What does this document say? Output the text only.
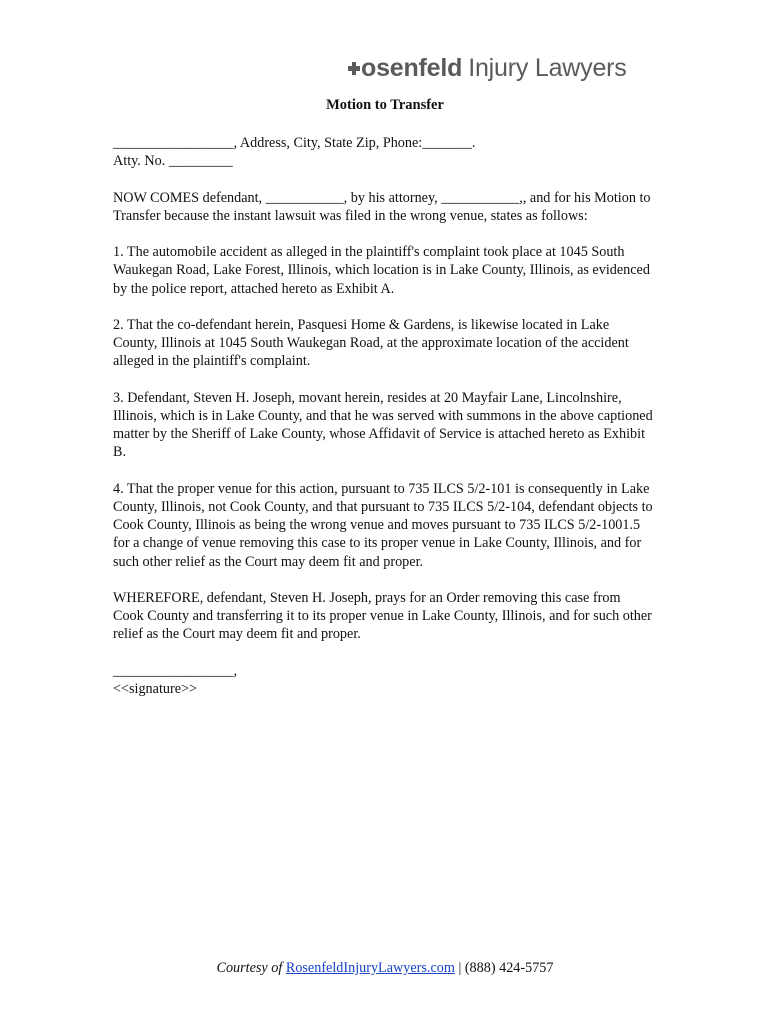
osenfeld Injury Lawyers
Motion to Transfer

_________________, Address, City, State Zip, Phone:_______.
Atty. No. _________

NOW COMES defendant, ___________, by his attorney, ___________,, and for his Motion to Transfer because the instant lawsuit was filed in the wrong venue, states as follows:

1. The automobile accident as alleged in the plaintiff's complaint took place at 1045 South Waukegan Road, Lake Forest, Illinois, which location is in Lake County, Illinois, as evidenced by the police report, attached hereto as Exhibit A.

2. That the co-defendant herein, Pasquesi Home & Gardens, is likewise located in Lake County, Illinois at 1045 South Waukegan Road, at the approximate location of the accident alleged in the plaintiff's complaint.

3. Defendant, Steven H. Joseph, movant herein, resides at 20 Mayfair Lane, Lincolnshire, Illinois, which is in Lake County, and that he was served with summons in the above captioned matter by the Sheriff of Lake County, whose Affidavit of Service is attached hereto as Exhibit B.

4. That the proper venue for this action, pursuant to 735 ILCS 5/2-101 is consequently in Lake County, Illinois, not Cook County, and that pursuant to 735 ILCS 5/2-104, defendant objects to Cook County, Illinois as being the wrong venue and moves pursuant to 735 ILCS 5/2-1001.5 for a change of venue removing this case to its proper venue in Lake County, Illinois, and for such other relief as the Court may deem fit and proper.

WHEREFORE, defendant, Steven H. Joseph, prays for an Order removing this case from Cook County and transferring it to its proper venue in Lake County, Illinois, and for such other relief as the Court may deem fit and proper.

_________________,
<<signature>>

Courtesy of RosenfeldInjuryLawyers.com | (888) 424-5757
